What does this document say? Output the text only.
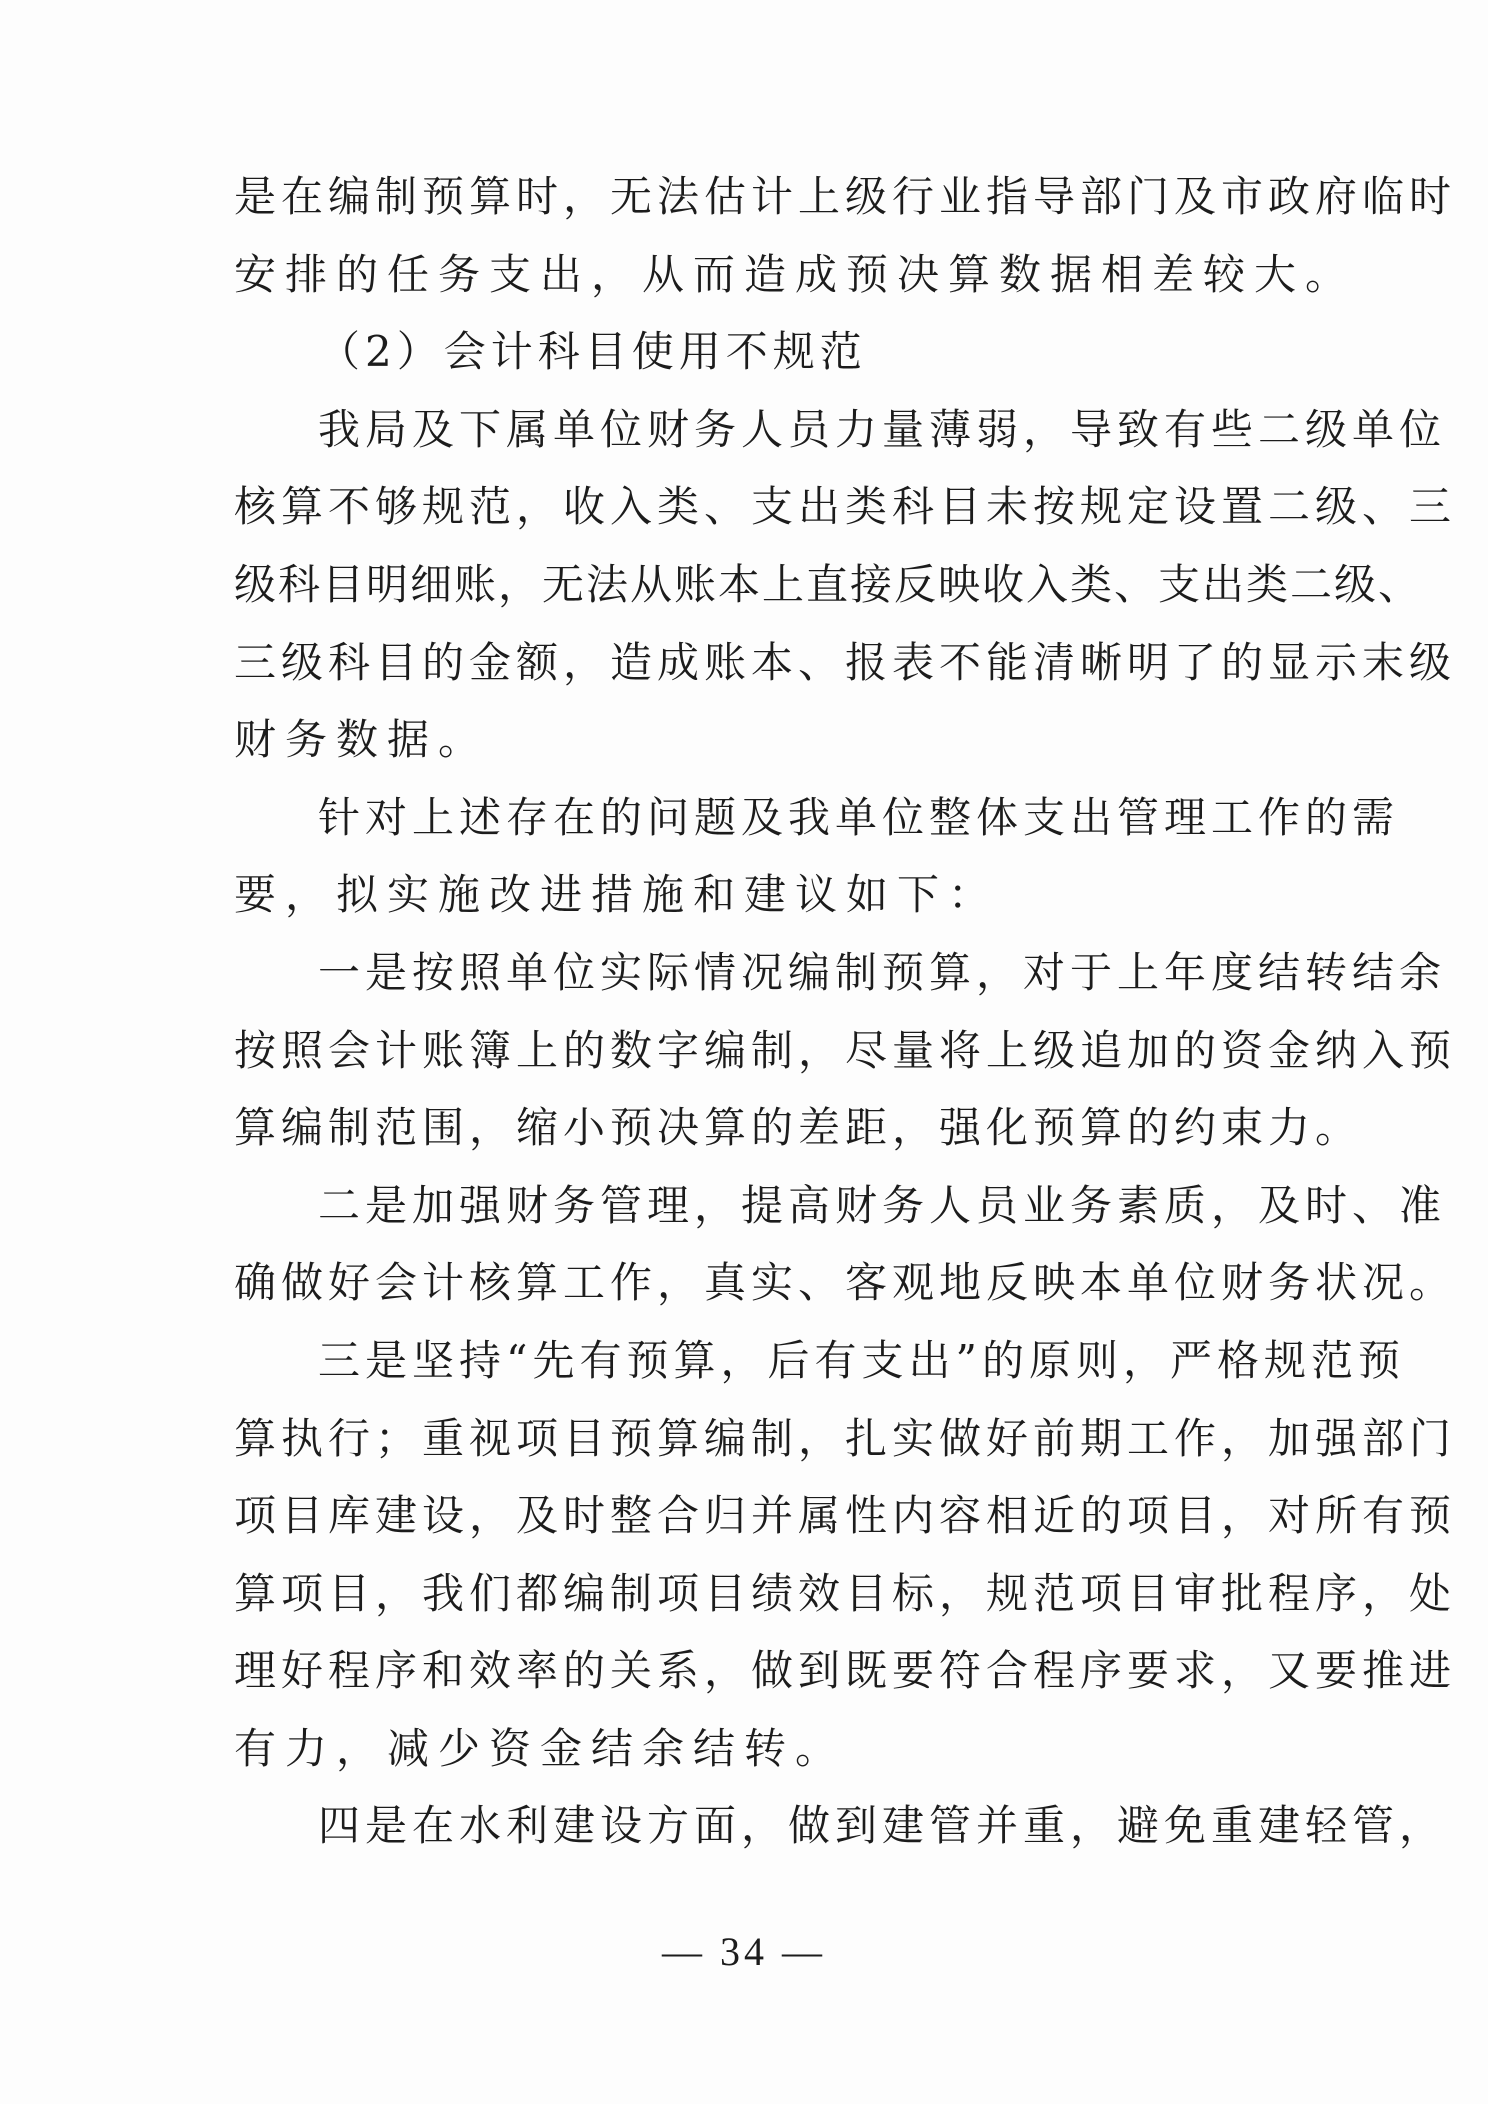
是在编制预算时，无法估计上级行业指导部门及市政府临时
安排的任务支出，从而造成预决算数据相差较大。
（2）会计科目使用不规范
我局及下属单位财务人员力量薄弱，导致有些二级单位
核算不够规范，收入类、支出类科目未按规定设置二级、三
级科目明细账，无法从账本上直接反映收入类、支出类二级、
三级科目的金额，造成账本、报表不能清晰明了的显示末级
财务数据。
针对上述存在的问题及我单位整体支出管理工作的需
要，拟实施改进措施和建议如下：
一是按照单位实际情况编制预算，对于上年度结转结余
按照会计账簿上的数字编制，尽量将上级追加的资金纳入预
算编制范围，缩小预决算的差距，强化预算的约束力。
二是加强财务管理，提高财务人员业务素质，及时、准
确做好会计核算工作，真实、客观地反映本单位财务状况。
三是坚持“先有预算，后有支出”的原则，严格规范预
算执行；重视项目预算编制，扎实做好前期工作，加强部门
项目库建设，及时整合归并属性内容相近的项目，对所有预
算项目，我们都编制项目绩效目标，规范项目审批程序，处
理好程序和效率的关系，做到既要符合程序要求，又要推进
有力，减少资金结余结转。
四是在水利建设方面，做到建管并重，避免重建轻管，
— 34 —
